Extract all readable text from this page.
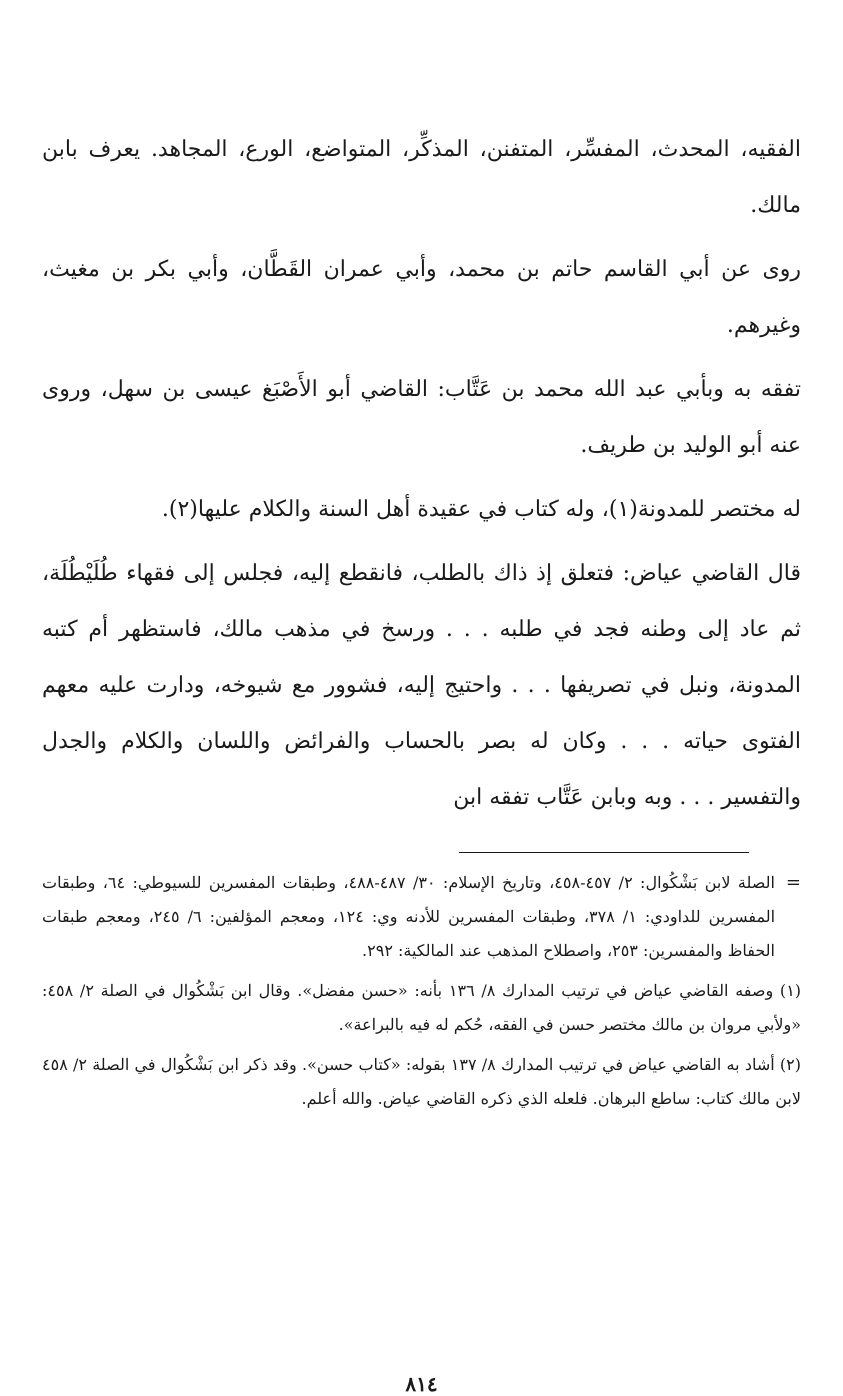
الفقيه، المحدث، المفسِّر، المتفنن، المذكِّر، المتواضع، الورع، المجاهد. يعرف بابن مالك.

روى عن أبي القاسم حاتم بن محمد، وأبي عمران القَطَّان، وأبي بكر بن مغيث، وغيرهم.

تفقه به وبأبي عبد الله محمد بن عَتَّاب: القاضي أبو الأَصْبَغ عيسى بن سهل، وروى عنه أبو الوليد بن طريف.

له مختصر للمدونة(١)، وله كتاب في عقيدة أهل السنة والكلام عليها(٢).

قال القاضي عياض: فتعلق إذ ذاك بالطلب، فانقطع إليه، فجلس إلى فقهاء طُلَيْطُلَة، ثم عاد إلى وطنه فجد في طلبه . . . ورسخ في مذهب مالك، فاستظهر أم كتبه المدونة، ونبل في تصريفها . . . واحتيج إليه، فشوور مع شيوخه، ودارت عليه معهم الفتوى حياته . . . وكان له بصر بالحساب والفرائض واللسان والكلام والجدل والتفسير . . . وبه وبابن عَتَّاب تفقه ابن

=
الصلة لابن بَشْكُوال: ٢/ ٤٥٧-٤٥٨، وتاريخ الإسلام: ٣٠/ ٤٨٧-٤٨٨، وطبقات المفسرين للسيوطي: ٦٤، وطبقات المفسرين للداودي: ١/ ٣٧٨، وطبقات المفسرين للأدنه وي: ١٢٤، ومعجم المؤلفين: ٦/ ٢٤٥، ومعجم طبقات الحفاظ والمفسرين: ٢٥٣، واصطلاح المذهب عند المالكية: ٢٩٢.

(١) وصفه القاضي عياض في ترتيب المدارك ٨/ ١٣٦ بأنه: «حسن مفضل». وقال ابن بَشْكُوال في الصلة ٢/ ٤٥٨: «ولأبي مروان بن مالك مختصر حسن في الفقه، حُكم له فيه بالبراعة».

(٢) أشاد به القاضي عياض في ترتيب المدارك ٨/ ١٣٧ بقوله: «كتاب حسن». وقد ذكر ابن بَشْكُوال في الصلة ٢/ ٤٥٨ لابن مالك كتاب: ساطع البرهان. فلعله الذي ذكره القاضي عياض. والله أعلم.

٨١٤
